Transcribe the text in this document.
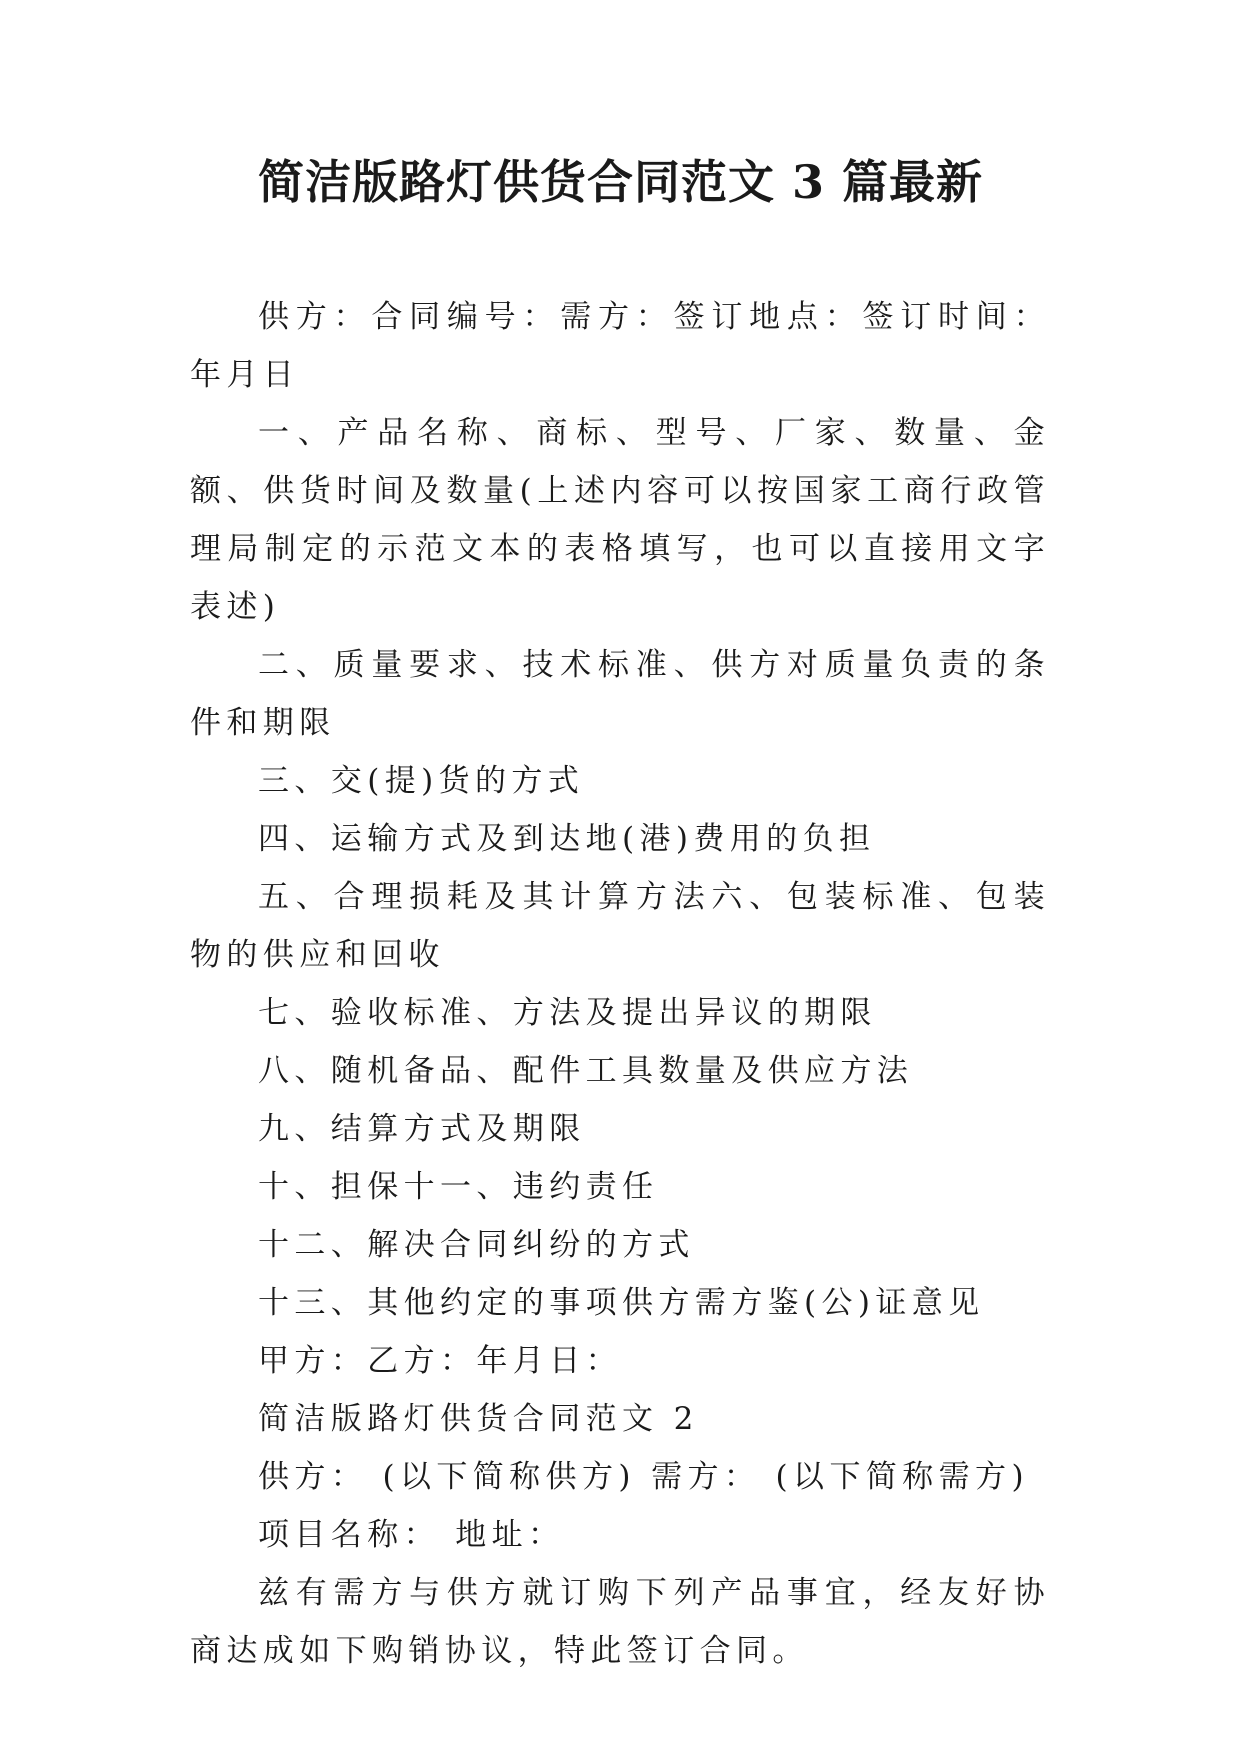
简洁版路灯供货合同范文 3 篇最新

供方：合同编号：需方：签订地点：签订时间：年月日

一、产品名称、商标、型号、厂家、数量、金额、供货时间及数量(上述内容可以按国家工商行政管理局制定的示范文本的表格填写，也可以直接用文字表述)

二、质量要求、技术标准、供方对质量负责的条件和期限

三、交(提)货的方式

四、运输方式及到达地(港)费用的负担

五、合理损耗及其计算方法六、包装标准、包装物的供应和回收

七、验收标准、方法及提出异议的期限

八、随机备品、配件工具数量及供应方法

九、结算方式及期限

十、担保十一、违约责任

十二、解决合同纠纷的方式

十三、其他约定的事项供方需方鉴(公)证意见

甲方：乙方：年月日：

简洁版路灯供货合同范文 2

供方： (以下简称供方) 需方： (以下简称需方)

项目名称： 地址：

兹有需方与供方就订购下列产品事宜，经友好协商达成如下购销协议，特此签订合同。
